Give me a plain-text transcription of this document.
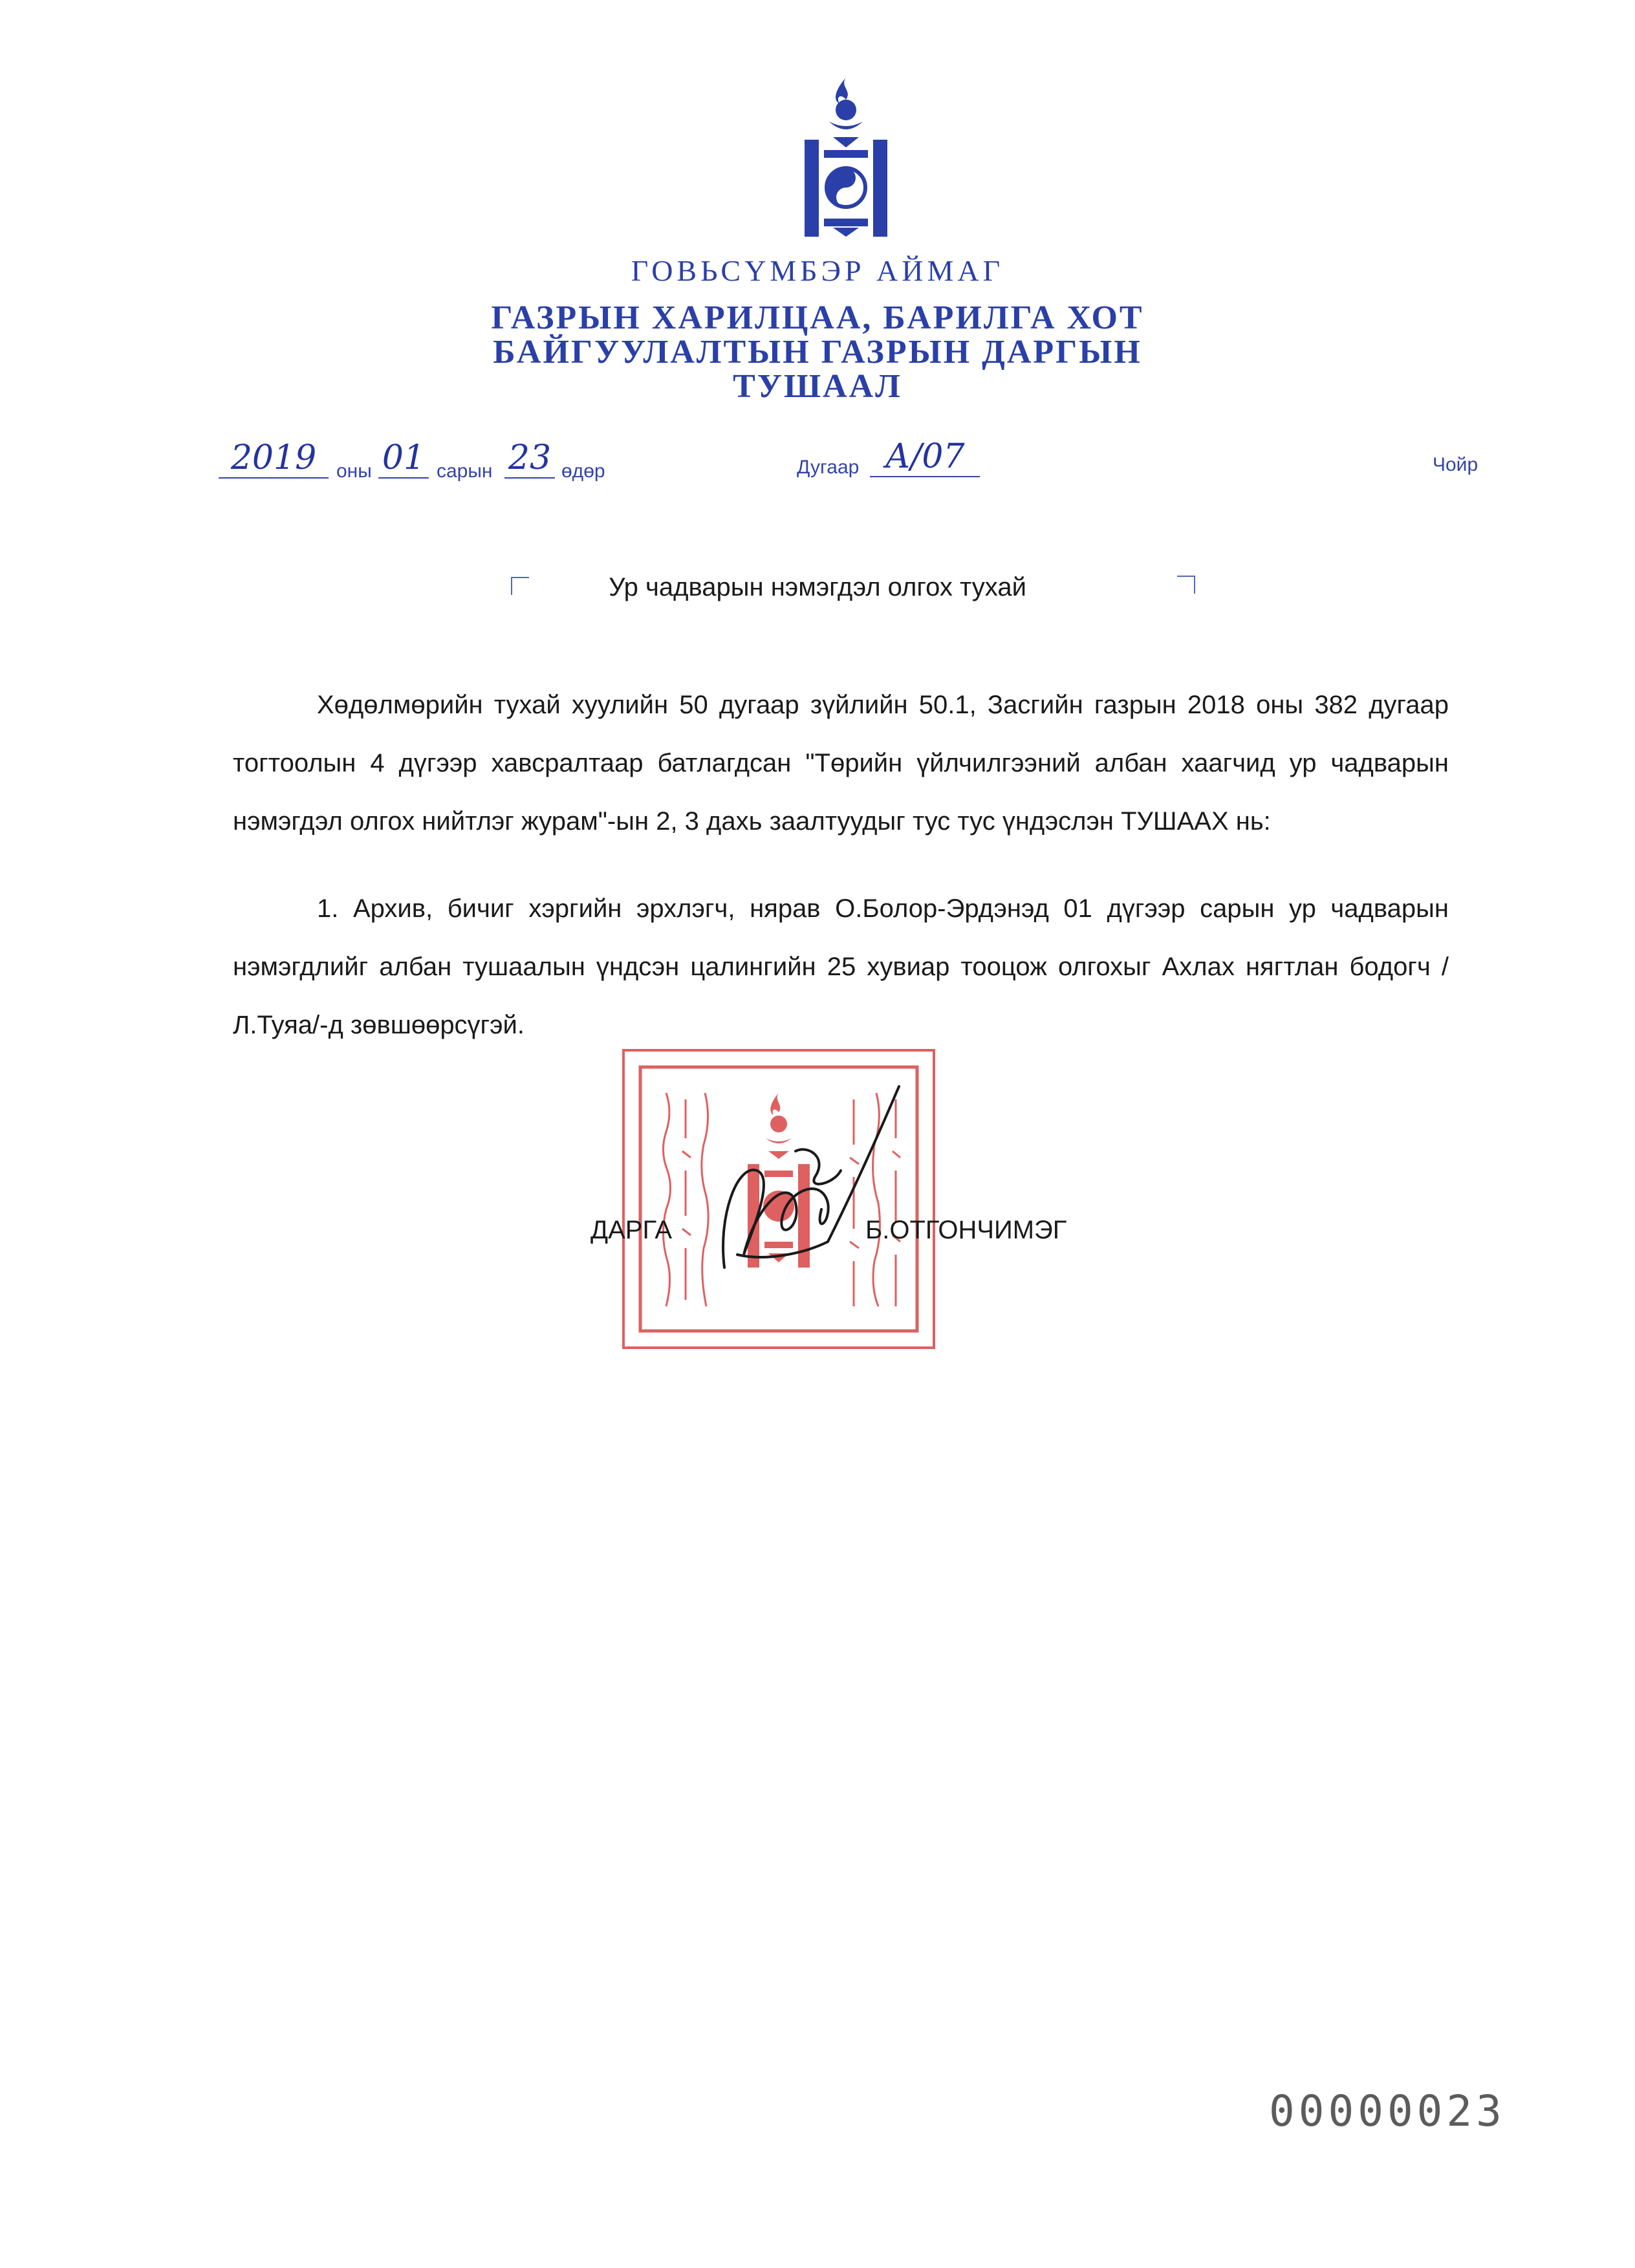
ГОВЬСҮМБЭР АЙМАГ
ГАЗРЫН ХАРИЛЦАА, БАРИЛГА ХОТ
БАЙГУУЛАЛТЫН ГАЗРЫН ДАРГЫН
ТУШААЛ
2019	оны 01 сарын 23 өдөр	Дугаар А/07	Чойр
Ур чадварын нэмэгдэл олгох тухай
Хөдөлмөрийн тухай хуулийн 50 дугаар зүйлийн 50.1, Засгийн газрын 2018 оны 382 дугаар тогтоолын 4 дүгээр хавсралтаар батлагдсан "Төрийн үйлчилгээний албан хаагчид ур чадварын нэмэгдэл олгох нийтлэг журам"-ын 2, 3 дахь заалтуудыг тус тус үндэслэн ТУШААХ нь:
1. Архив, бичиг хэргийн эрхлэгч, нярав О.Болор-Эрдэнэд 01 дүгээр сарын ур чадварын нэмэгдлийг албан тушаалын үндсэн цалингийн 25 хувиар тооцож олгохыг Ахлах нягтлан бодогч /Л.Туяа/-д зөвшөөрсүгэй.
ДАРГА	Б.ОТГОНЧИМЭГ
00000023
